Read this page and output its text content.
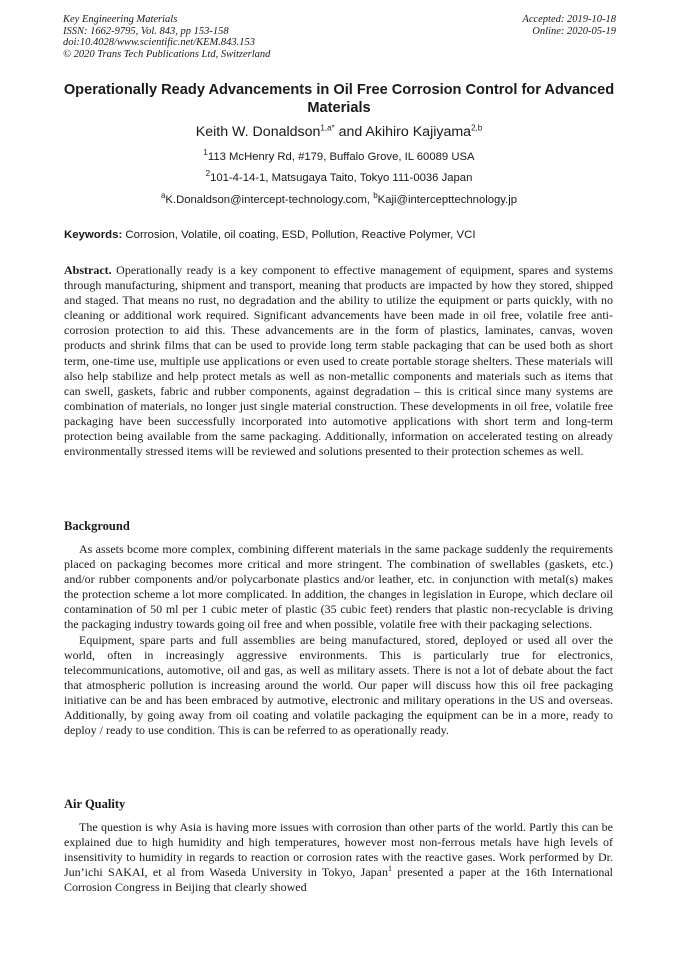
Key Engineering Materials
ISSN: 1662-9795, Vol. 843, pp 153-158
doi:10.4028/www.scientific.net/KEM.843.153
© 2020 Trans Tech Publications Ltd, Switzerland
Accepted: 2019-10-18
Online: 2020-05-19
Operationally Ready Advancements in Oil Free Corrosion Control for Advanced Materials
Keith W. Donaldson$^{1,a*}$ and Akihiro Kajiyama$^{2,b}$
$^1$113 McHenry Rd, #179, Buffalo Grove, IL 60089 USA
$^2$101-4-14-1, Matsugaya Taito, Tokyo 111-0036 Japan
$^a$K.Donaldson@intercept-technology.com, $^b$Kaji@intercepttechnology.jp
Keywords: Corrosion, Volatile, oil coating, ESD, Pollution, Reactive Polymer, VCI
Abstract. Operationally ready is a key component to effective management of equipment, spares and systems through manufacturing, shipment and transport, meaning that products are impacted by how they stored, shipped and staged. That means no rust, no degradation and the ability to utilize the equipment or parts quickly, with no cleaning or additional work required. Significant advancements have been made in oil free, volatile free anti-corrosion protection to aid this. These advancements are in the form of plastics, laminates, canvas, woven products and shrink films that can be used to provide long term stable packaging that can be used both as short term, one-time use, multiple use applications or even used to create portable storage shelters. These materials will also help stabilize and help protect metals as well as non-metallic components and materials such as items that can swell, gaskets, fabric and rubber components, against degradation – this is critical since many systems are combination of materials, no longer just single material construction. These developments in oil free, volatile free packaging have been successfully incorporated into automotive applications with short term and long-term protection being available from the same packaging. Additionally, information on accelerated testing on already environmentally stressed items will be reviewed and solutions presented to their protection schemes as well.
Background

As assets bcome more complex, combining different materials in the same package suddenly the requirements placed on packaging becomes more critical and more stringent. The combination of swellables (gaskets, etc.) and/or rubber components and/or polycarbonate plastics and/or leather, etc. in conjunction with metal(s) makes the protection scheme a lot more complicated. In addition, the changes in legislation in Europe, which declare oil contamination of 50 ml per 1 cubic meter of plastic (35 cubic feet) renders that plastic non-recyclable is driving the packaging industry towards going oil free and when possible, volatile free with their packaging selections.

Equipment, spare parts and full assemblies are being manufactured, stored, deployed or used all over the world, often in increasingly aggressive environments. This is particularly true for electronics, telecommunications, automotive, oil and gas, as well as military assets. There is not a lot of debate about the fact that atmospheric pollution is increasing around the world. Our paper will discuss how this oil free packaging initiative can be and has been embraced by autmotive, electronic and military operations in the US and overseas. Additionally, by going away from oil coating and volatile packaging the equipment can be in a more, ready to deploy / ready to use condition. This is can be referred to as operationally ready.

Air Quality

The question is why Asia is having more issues with corrosion than other parts of the world. Partly this can be explained due to high humidity and high temperatures, however most non-ferrous metals have high levels of insensitivity to humidity in regards to reaction or corrosion rates with the reactive gases. Work performed by Dr. Jun’ichi SAKAI, et al from Waseda University in Tokyo, Japan$^1$ presented a paper at the 16th International Corrosion Congress in Beijing that clearly showed
